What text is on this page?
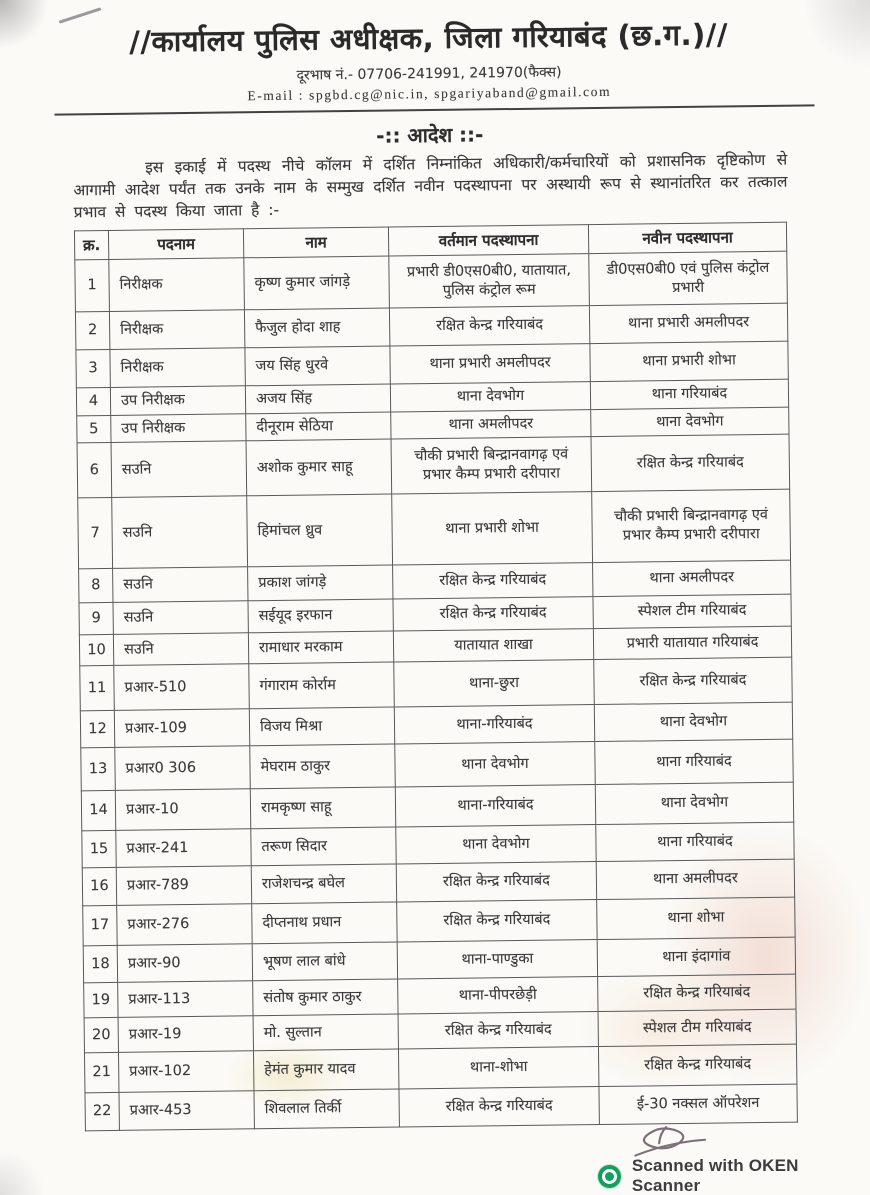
//कार्यालय पुलिस अधीक्षक, जिला गरियाबंद (छ.ग.)//
दूरभाष नं.- 07706-241991, 241970(फैक्स)
E-mail : spgbd.cg@nic.in, spgariyaband@gmail.com
-:: आदेश ::-
इस इकाई में पदस्थ नीचे कॉलम में दर्शित निम्नांकित अधिकारी/कर्मचारियों को प्रशासनिक दृष्टिकोण से आगामी आदेश पर्यंत तक उनके नाम के सम्मुख दर्शित नवीन पदस्थापना पर अस्थायी रूप से स्थानांतरित कर तत्काल प्रभाव से पदस्थ किया जाता है :-
क्र.	पदनाम	नाम	वर्तमान पदस्थापना	नवीन पदस्थापना
1	निरीक्षक	कृष्ण कुमार जांगड़े	प्रभारी डी0एस0बी0, यातायात, पुलिस कंट्रोल रूम	डी0एस0बी0 एवं पुलिस कंट्रोल प्रभारी
2	निरीक्षक	फैजुल होदा शाह	रक्षित केन्द्र गरियाबंद	थाना प्रभारी अमलीपदर
3	निरीक्षक	जय सिंह धुरवे	थाना प्रभारी अमलीपदर	थाना प्रभारी शोभा
4	उप निरीक्षक	अजय सिंह	थाना देवभोग	थाना गरियाबंद
5	उप निरीक्षक	दीनूराम सेठिया	थाना अमलीपदर	थाना देवभोग
6	सउनि	अशोक कुमार साहू	चौकी प्रभारी बिन्द्रानवागढ़ एवं प्रभार कैम्प प्रभारी दरीपारा	रक्षित केन्द्र गरियाबंद
7	सउनि	हिमांचल ध्रुव	थाना प्रभारी शोभा	चौकी प्रभारी बिन्द्रानवागढ़ एवं प्रभार कैम्प प्रभारी दरीपारा
8	सउनि	प्रकाश जांगड़े	रक्षित केन्द्र गरियाबंद	थाना अमलीपदर
9	सउनि	सईयूद इरफान	रक्षित केन्द्र गरियाबंद	स्पेशल टीम गरियाबंद
10	सउनि	रामाधार मरकाम	यातायात शाखा	प्रभारी यातायात गरियाबंद
11	प्रआर-510	गंगाराम कोर्राम	थाना-छुरा	रक्षित केन्द्र गरियाबंद
12	प्रआर-109	विजय मिश्रा	थाना-गरियाबंद	थाना देवभोग
13	प्रआर0 306	मेघराम ठाकुर	थाना देवभोग	थाना गरियाबंद
14	प्रआर-10	रामकृष्ण साहू	थाना-गरियाबंद	थाना देवभोग
15	प्रआर-241	तरूण सिदार	थाना देवभोग	थाना गरियाबंद
16	प्रआर-789	राजेशचन्द्र बघेल	रक्षित केन्द्र गरियाबंद	थाना अमलीपदर
17	प्रआर-276	दीप्तनाथ प्रधान	रक्षित केन्द्र गरियाबंद	थाना शोभा
18	प्रआर-90	भूषण लाल बांधे	थाना-पाण्डुका	थाना इंदागांव
19	प्रआर-113	संतोष कुमार ठाकुर	थाना-पीपरछेड़ी	रक्षित केन्द्र गरियाबंद
20	प्रआर-19	मो. सुल्तान	रक्षित केन्द्र गरियाबंद	स्पेशल टीम गरियाबंद
21	प्रआर-102	हेमंत कुमार यादव	थाना-शोभा	रक्षित केन्द्र गरियाबंद
22	प्रआर-453	शिवलाल तिर्की	रक्षित केन्द्र गरियाबंद	ई-30 नक्सल ऑपरेशन
Scanned with OKEN Scanner
